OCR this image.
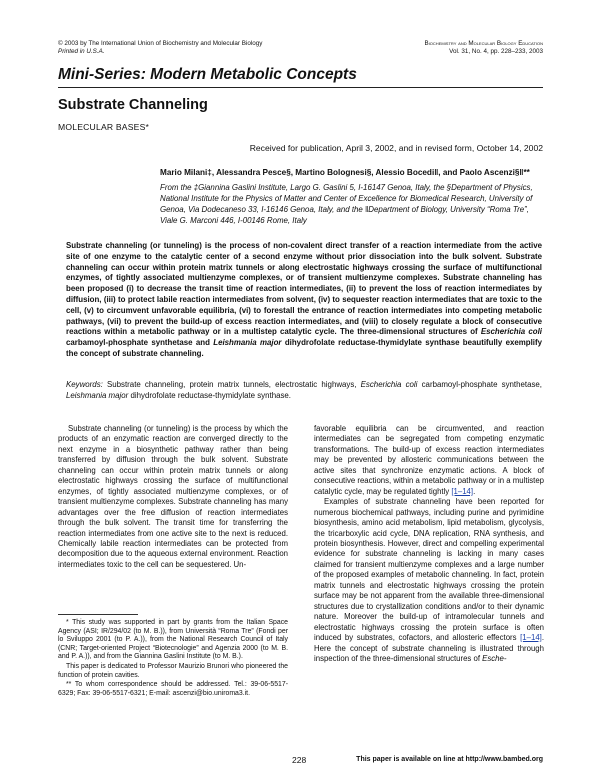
© 2003 by The International Union of Biochemistry and Molecular Biology
Printed in U.S.A.
Biochemistry and Molecular Biology Education
Vol. 31, No. 4, pp. 228–233, 2003
Mini-Series: Modern Metabolic Concepts
Substrate Channeling
MOLECULAR BASES*
Received for publication, April 3, 2002, and in revised form, October 14, 2002
Mario Milani‡, Alessandra Pesce§, Martino Bolognesi§, Alessio Bocedi‖, and Paolo Ascenzi§‖**
From the ‡Giannina Gaslini Institute, Largo G. Gaslini 5, I-16147 Genoa, Italy, the §Department of Physics, National Institute for the Physics of Matter and Center of Excellence for Biomedical Research, University of Genoa, Via Dodecaneso 33, I-16146 Genoa, Italy, and the ‖Department of Biology, University “Roma Tre”, Viale G. Marconi 446, I-00146 Rome, Italy
Substrate channeling (or tunneling) is the process of non-covalent direct transfer of a reaction intermediate from the active site of one enzyme to the catalytic center of a second enzyme without prior dissociation into the bulk solvent. Substrate channeling can occur within protein matrix tunnels or along electrostatic highways crossing the surface of multifunctional enzymes, of tightly associated multienzyme complexes, or of transient multienzyme complexes. Substrate channeling has been proposed (i) to decrease the transit time of reaction intermediates, (ii) to prevent the loss of reaction intermediates by diffusion, (iii) to protect labile reaction intermediates from solvent, (iv) to sequester reaction intermediates that are toxic to the cell, (v) to circumvent unfavorable equilibria, (vi) to forestall the entrance of reaction intermediates into competing metabolic pathways, (vii) to prevent the build-up of excess reaction intermediates, and (viii) to closely regulate a block of consecutive reactions within a metabolic pathway or in a multistep catalytic cycle. The three-dimensional structures of Escherichia coli carbamoyl-phosphate synthetase and Leishmania major dihydrofolate reductase-thymidylate synthase beautifully exemplify the concept of substrate channeling.
Keywords: Substrate channeling, protein matrix tunnels, electrostatic highways, Escherichia coli carbamoyl-phosphate synthetase, Leishmania major dihydrofolate reductase-thymidylate synthase.

Substrate channeling (or tunneling) is the process by which the products of an enzymatic reaction are converged directly to the next enzyme in a biosynthetic pathway rather than being transferred by diffusion through the bulk solvent. Substrate channeling can occur within protein matrix tunnels or along electrostatic highways crossing the surface of multifunctional enzymes, of tightly associated multienzyme complexes, or of transient multienzyme complexes. Substrate channeling has many advantages over the free diffusion of reaction intermediates through the bulk solvent. The transit time for transferring the reaction intermediates from one active site to the next is reduced. Chemically labile reaction intermediates can be protected from decomposition due to the aqueous external environment. Reaction intermediates toxic to the cell can be sequestered. Un-

* This study was supported in part by grants from the Italian Space Agency (ASI; IR/294/02 (to M. B.)), from Università “Roma Tre” (Fondi per lo Sviluppo 2001 (to P. A.)), from the National Research Council of Italy (CNR; Target-oriented Project “Biotecnologie” and Agenzia 2000 (to M. B. and P. A.)), and from the Giannina Gaslini Institute (to M. B.).

This paper is dedicated to Professor Maurizio Brunori who pioneered the function of protein cavities.

** To whom correspondence should be addressed. Tel.: 39-06-5517-6329; Fax: 39-06-5517-6321; E-mail: ascenzi@bio.uniroma3.it.

favorable equilibria can be circumvented, and reaction intermediates can be segregated from competing enzymatic transformations. The build-up of excess reaction intermediates may be prevented by allosteric communications between the active sites that synchronize enzymatic actions. A block of consecutive reactions, within a metabolic pathway or in a multistep catalytic cycle, may be regulated tightly [1–14].

Examples of substrate channeling have been reported for numerous biochemical pathways, including purine and pyrimidine biosynthesis, amino acid metabolism, lipid metabolism, glycolysis, the tricarboxylic acid cycle, DNA replication, RNA synthesis, and protein biosynthesis. However, direct and compelling experimental evidence for substrate channeling is lacking in many cases claimed for transient multienzyme complexes and a large number of the proposed examples of metabolic channeling. In fact, protein matrix tunnels and electrostatic highways crossing the protein surface may be not apparent from the available three-dimensional structures due to crystallization conditions and/or to their dynamic nature. Moreover the build-up of intramolecular tunnels and electrostatic highways crossing the protein surface is often induced by substrates, cofactors, and allosteric effectors [1–14]. Here the concept of substrate channeling is illustrated through inspection of the three-dimensional structures of Esche-

228	This paper is available on line at http://www.bambed.org
